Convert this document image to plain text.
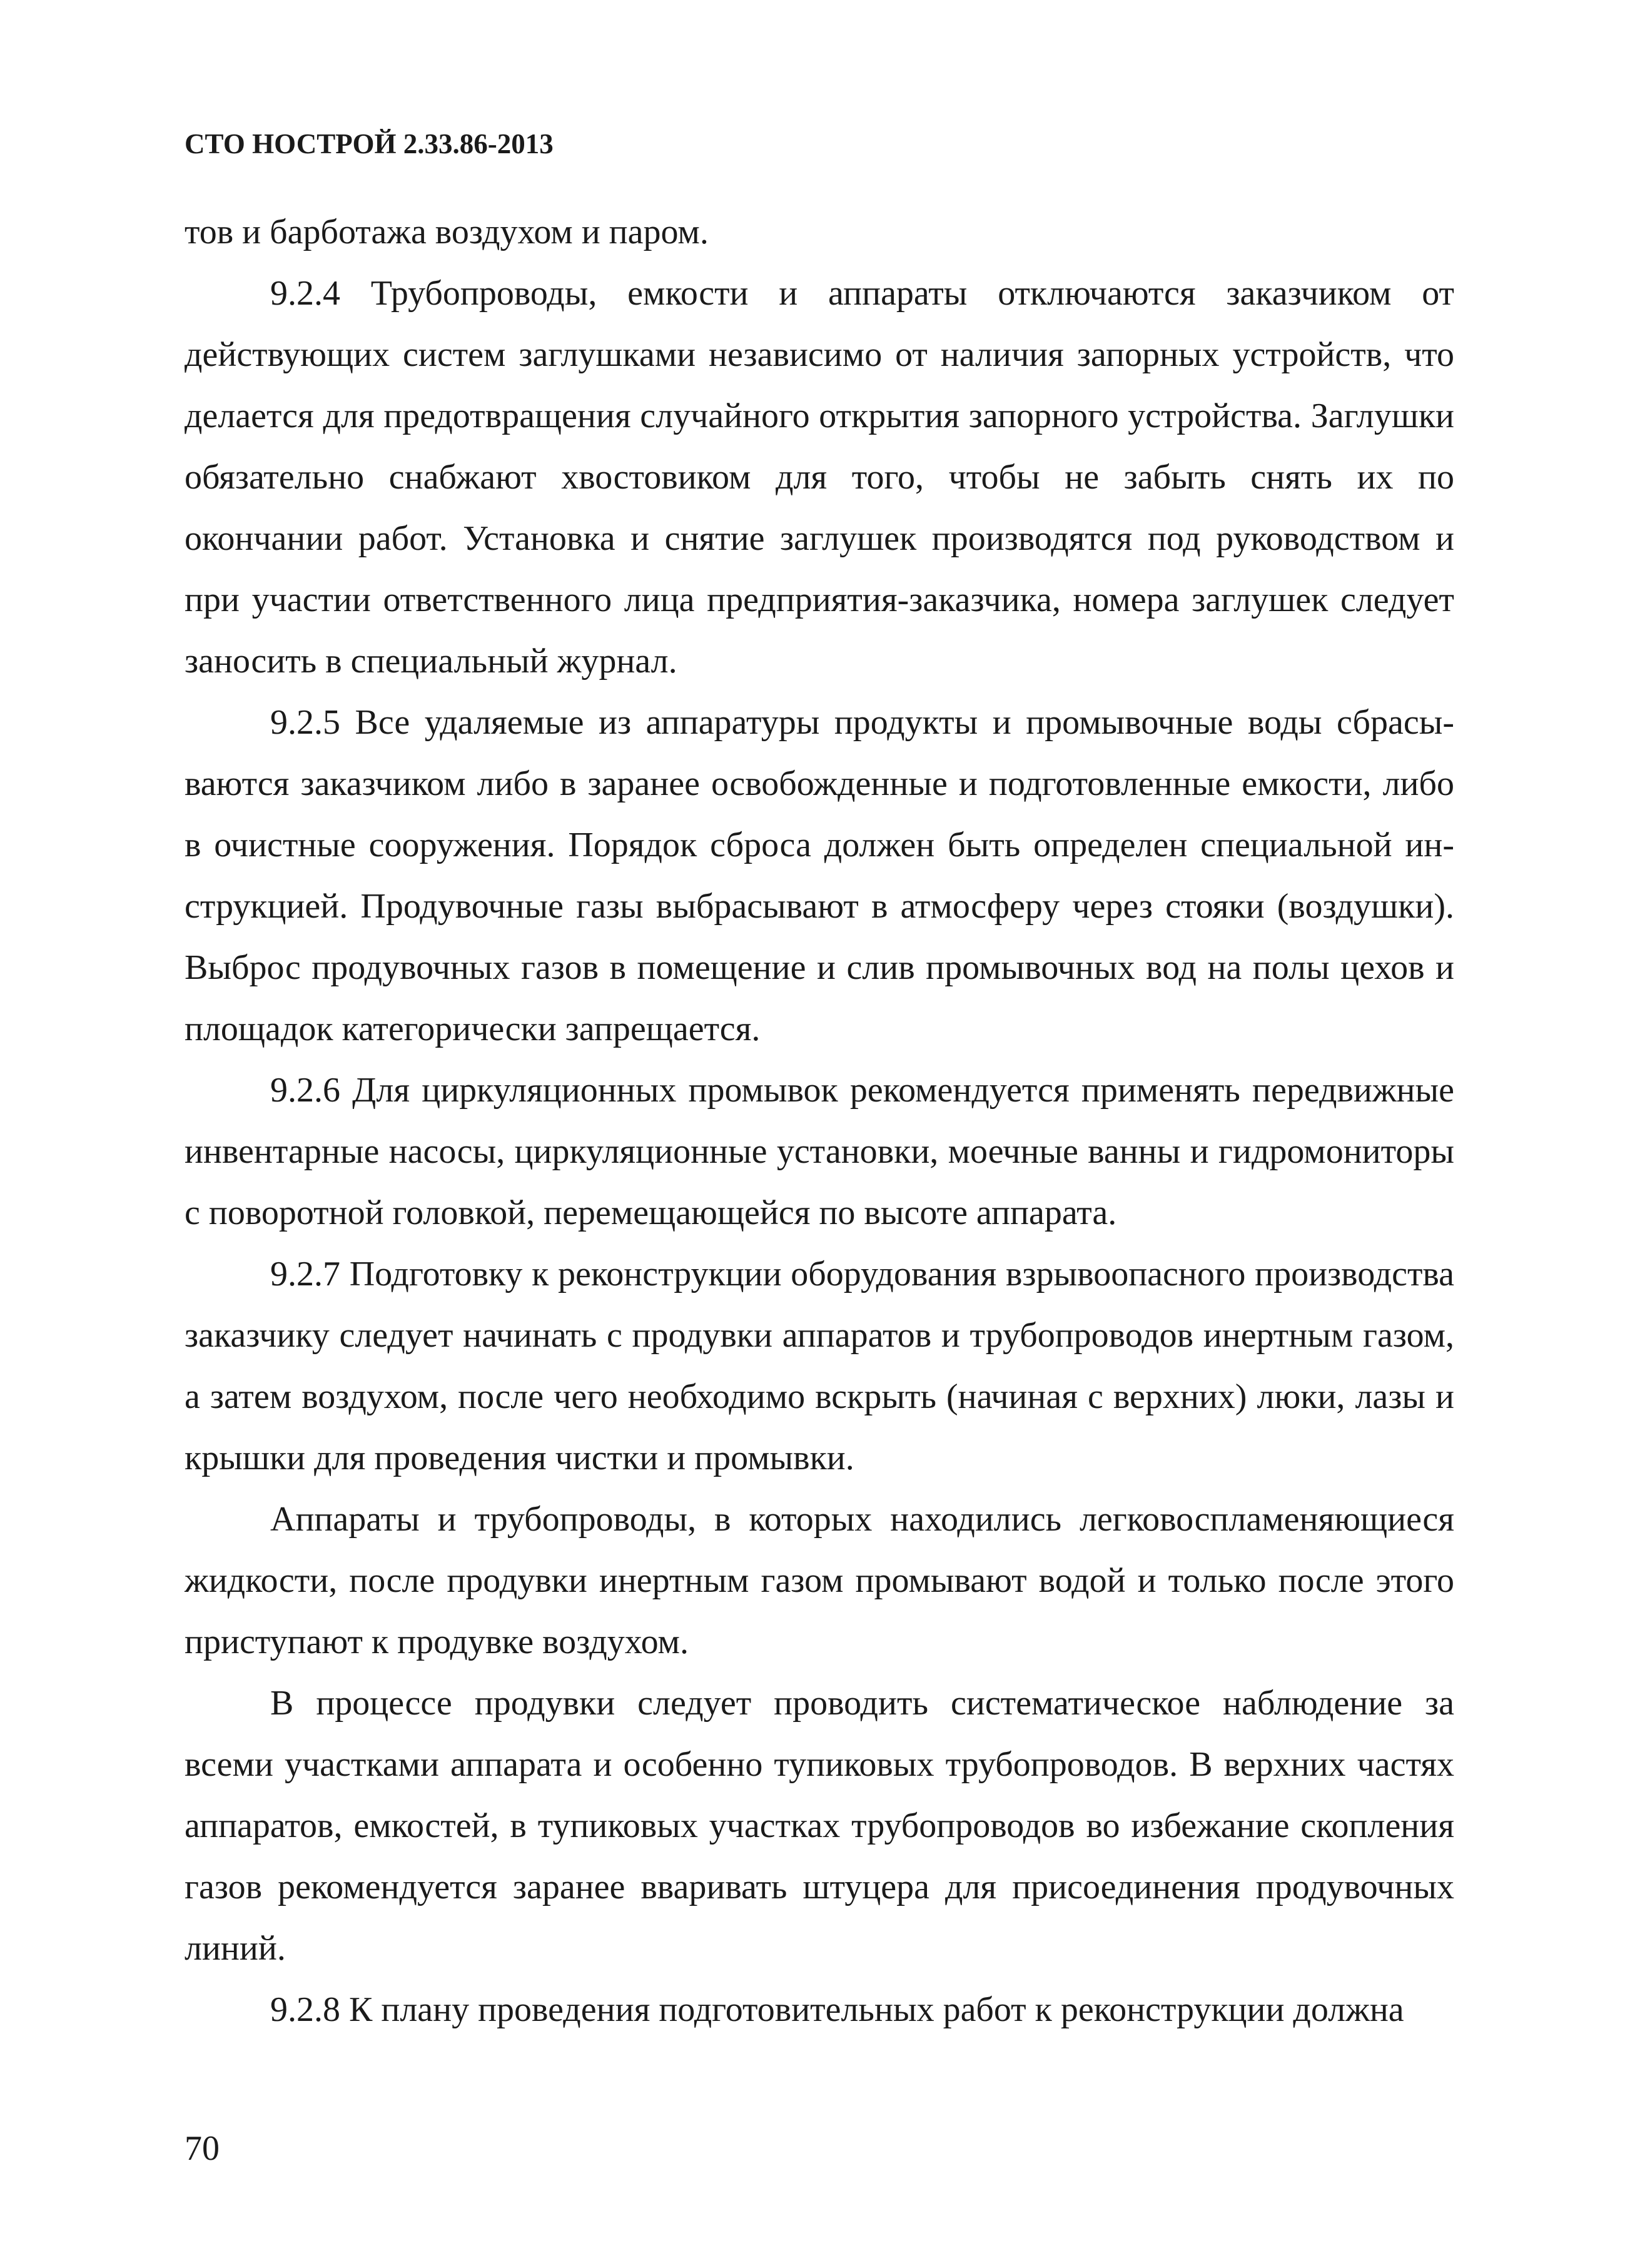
СТО НОСТРОЙ 2.33.86-2013

тов и барботажа воздухом и паром.

9.2.4 Трубопроводы, емкости и аппараты отключаются заказчиком от действующих систем заглушками независимо от наличия запорных устройств, что делается для предотвращения случайного открытия запорного устройства. Заглушки обязательно снабжают хвостовиком для того, чтобы не забыть снять их по окончании работ. Установка и снятие заглушек производятся под руководством и при участии ответственного лица предприятия-заказчика, номера заглушек следует заносить в специальный журнал.

9.2.5 Все удаляемые из аппаратуры продукты и промывочные воды сбрасываются заказчиком либо в заранее освобожденные и подготовленные емкости, либо в очистные сооружения. Порядок сброса должен быть определен специальной инструкцией. Продувочные газы выбрасывают в атмосферу через стояки (воздушки). Выброс продувочных газов в помещение и слив промывочных вод на полы цехов и площадок категорически запрещается.

9.2.6 Для циркуляционных промывок рекомендуется применять передвижные инвентарные насосы, циркуляционные установки, моечные ванны и гидромониторы с поворотной головкой, перемещающейся по высоте аппарата.

9.2.7 Подготовку к реконструкции оборудования взрывоопасного производства заказчику следует начинать с продувки аппаратов и трубопроводов инертным газом, а затем воздухом, после чего необходимо вскрыть (начиная с верхних) люки, лазы и крышки для проведения чистки и промывки.

Аппараты и трубопроводы, в которых находились легковоспламеняющиеся жидкости, после продувки инертным газом промывают водой и только после этого приступают к продувке воздухом.

В процессе продувки следует проводить систематическое наблюдение за всеми участками аппарата и особенно тупиковых трубопроводов. В верхних частях аппаратов, емкостей, в тупиковых участках трубопроводов во избежание скопления газов рекомендуется заранее вваривать штуцера для присоединения продувочных линий.

9.2.8 К плану проведения подготовительных работ к реконструкции должна

70
